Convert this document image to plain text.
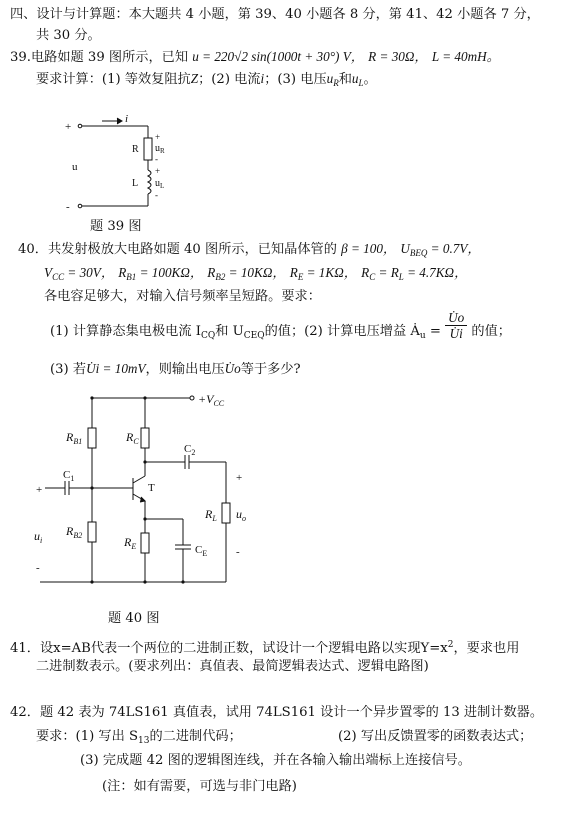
四、设计与计算题：本大题共 4 小题，第 39、40 小题各 8 分，第 41、42 小题各 7 分，
共 30 分。
39.电路如题 39 图所示，已知 u = 220√2 sin(1000t + 30°) V， R = 30Ω， L = 40mH。
要求计算：(1) 等效复阻抗Z；(2) 电流i；(3) 电压$u_R$和$u_L$。
+
-
i
u
R
L
+
$u_R$
-
+
$u_L$
-
题 39 图
40．共发射极放大电路如题 40 图所示，已知晶体管的 β = 100， $U_{BEQ} = 0.7V$，
$V_{CC} = 30V$， $R_{B1} = 100K\Omega$， $R_{B2} = 10K\Omega$， $R_E = 1K\Omega$， $R_C = R_L = 4.7K\Omega$，
各电容足够大，对输入信号频率呈短路。要求：
(1) 计算静态集电极电流 $I_{CQ}$和 $U_{CEQ}$的值；(2) 计算电压增益 $Ȧ_u = \frac{U̇o}{U̇i}$ 的值；
(3) 若U̇i = 10mV，则输出电压U̇o等于多少?
$+V_{CC}$
$R_{B1}$	$R_C$
$C_2$
$C_1$
T
$R_L$
+
$u_o$
-
+
$u_i$
-
$R_{B2}$	$R_E$	$C_E$
题 40 图
41．设x=AB代表一个两位的二进制正数，试设计一个逻辑电路以实现$Y=x^2$，要求也用
二进制数表示。(要求列出：真值表、最简逻辑表达式、逻辑电路图)
42．题 42 表为 74LS161 真值表，试用 74LS161 设计一个异步置零的 13 进制计数器。
要求：(1) 写出 $S_{13}$的二进制代码；	(2) 写出反馈置零的函数表达式；
(3) 完成题 42 图的逻辑图连线，并在各输入输出端标上连接信号。
(注：如有需要，可选与非门电路)
